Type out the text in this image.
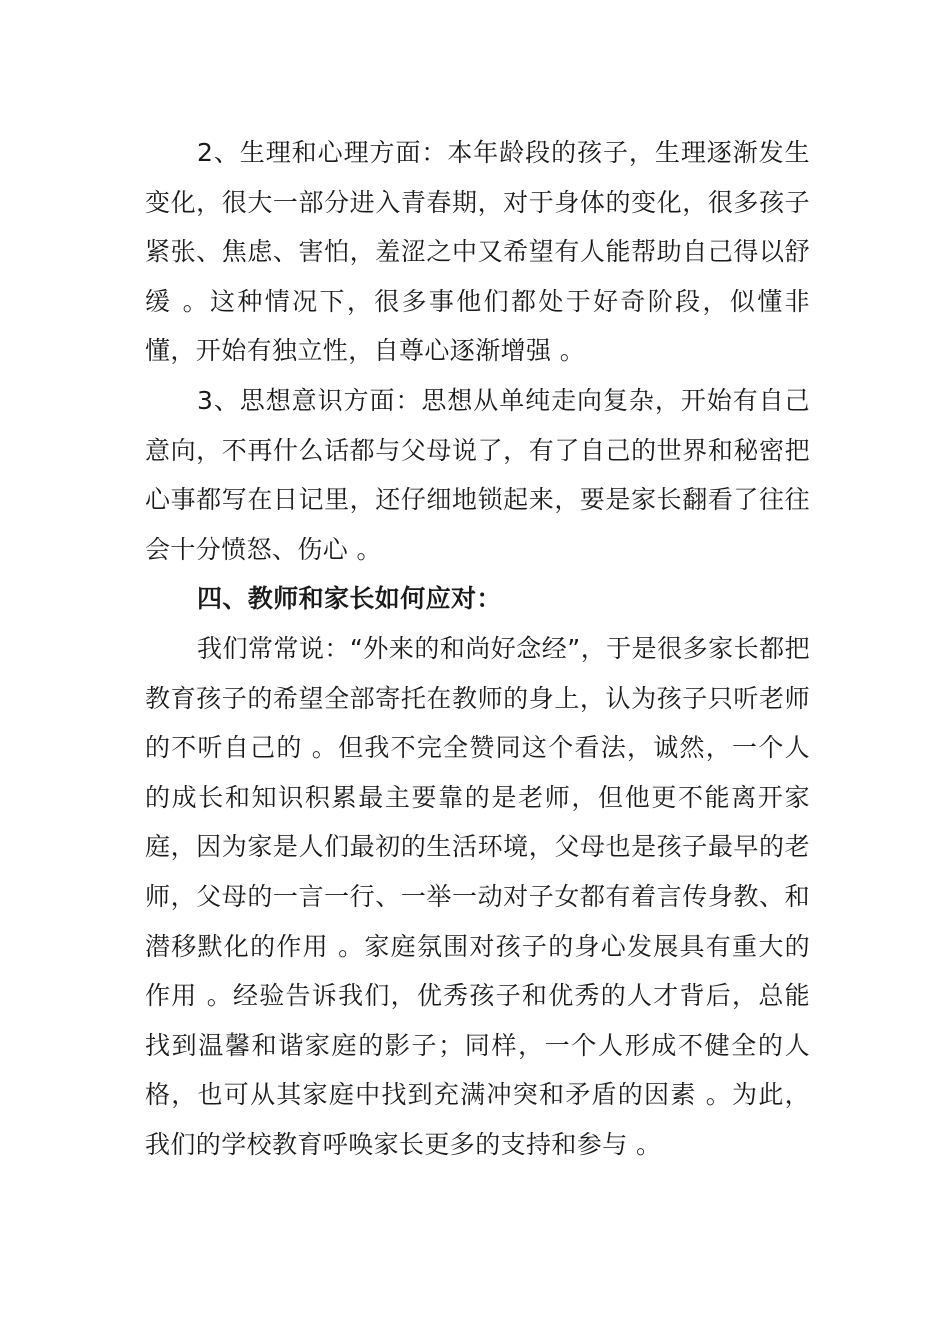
2、生理和心理方面：本年龄段的孩子，生理逐渐发生变化，很大一部分进入青春期，对于身体的变化，很多孩子紧张、焦虑、害怕，羞涩之中又希望有人能帮助自己得以舒缓 。这种情况下，很多事他们都处于好奇阶段，似懂非懂，开始有独立性，自尊心逐渐增强 。

3、思想意识方面：思想从单纯走向复杂，开始有自己意向，不再什么话都与父母说了，有了自己的世界和秘密把心事都写在日记里，还仔细地锁起来，要是家长翻看了往往会十分愤怒、伤心 。

四、教师和家长如何应对：

我们常常说：“外来的和尚好念经”，于是很多家长都把教育孩子的希望全部寄托在教师的身上，认为孩子只听老师的不听自己的 。但我不完全赞同这个看法，诚然，一个人的成长和知识积累最主要靠的是老师，但他更不能离开家庭，因为家是人们最初的生活环境，父母也是孩子最早的老师，父母的一言一行、一举一动对子女都有着言传身教、和潜移默化的作用 。家庭氛围对孩子的身心发展具有重大的作用 。经验告诉我们，优秀孩子和优秀的人才背后，总能找到温馨和谐家庭的影子；同样，一个人形成不健全的人格，也可从其家庭中找到充满冲突和矛盾的因素 。为此，我们的学校教育呼唤家长更多的支持和参与 。
